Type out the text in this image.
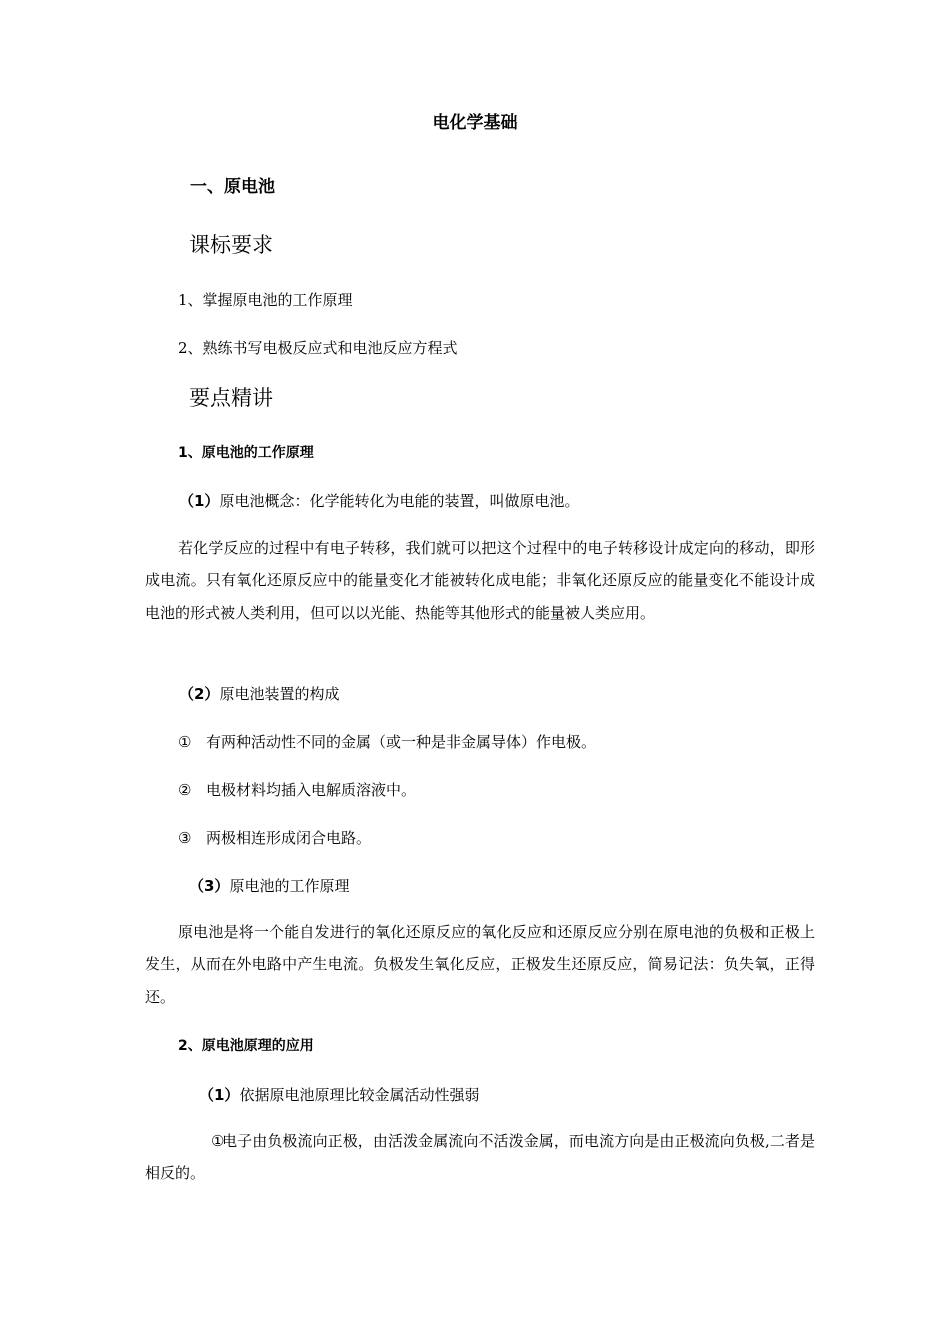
电化学基础
一、原电池
课标要求
1、掌握原电池的工作原理
2、熟练书写电极反应式和电池反应方程式
要点精讲
1、原电池的工作原理
（1）原电池概念：化学能转化为电能的装置，叫做原电池。

若化学反应的过程中有电子转移，我们就可以把这个过程中的电子转移设计成定向的移动，即形成电流。只有氧化还原反应中的能量变化才能被转化成电能；非氧化还原反应的能量变化不能设计成电池的形式被人类利用，但可以以光能、热能等其他形式的能量被人类应用。

（2）原电池装置的构成
① 有两种活动性不同的金属（或一种是非金属导体）作电极。
② 电极材料均插入电解质溶液中。
③ 两极相连形成闭合电路。
（3）原电池的工作原理

原电池是将一个能自发进行的氧化还原反应的氧化反应和还原反应分别在原电池的负极和正极上发生，从而在外电路中产生电流。负极发生氧化反应，正极发生还原反应，简易记法：负失氧，正得还。

2、原电池原理的应用
（1）依据原电池原理比较金属活动性强弱

①电子由负极流向正极，由活泼金属流向不活泼金属，而电流方向是由正极流向负极,二者是相反的。
